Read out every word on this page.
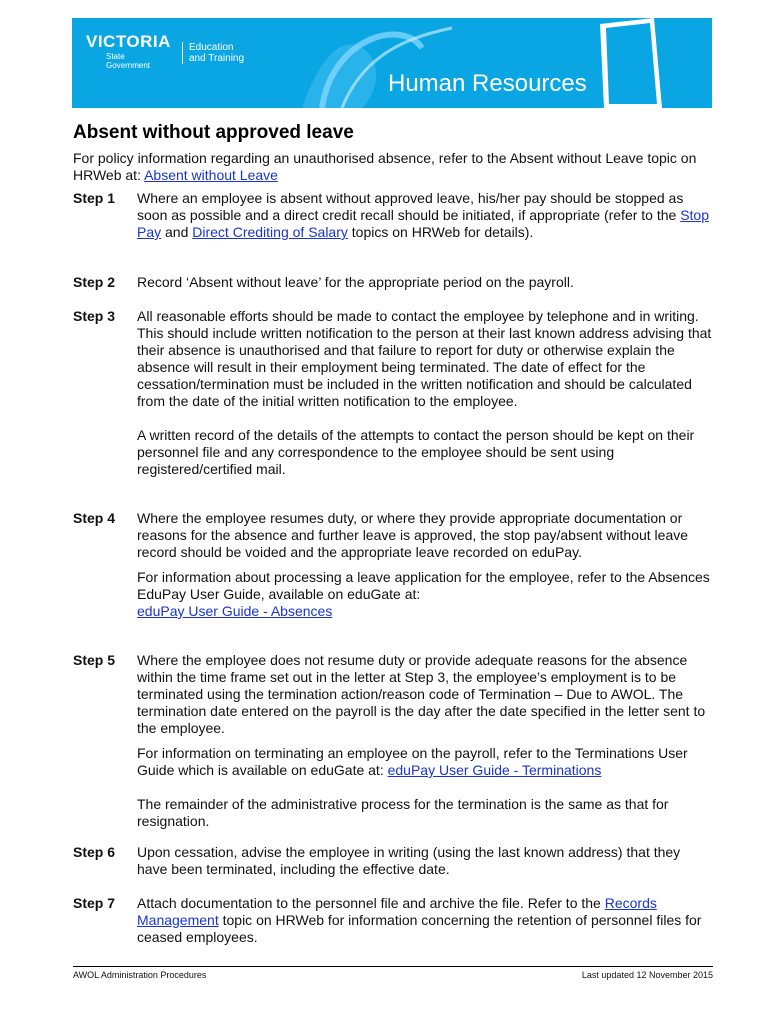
VICTORIA
State
Government
Education
and Training
Human Resources
Absent without approved leave
For policy information regarding an unauthorised absence, refer to the Absent without Leave topic on HRWeb at: Absent without Leave
Step 1 Where an employee is absent without approved leave, his/her pay should be stopped as soon as possible and a direct credit recall should be initiated, if appropriate (refer to the Stop Pay and Direct Crediting of Salary topics on HRWeb for details).

Step 2 Record ‘Absent without leave’ for the appropriate period on the payroll.

Step 3 All reasonable efforts should be made to contact the employee by telephone and in writing. This should include written notification to the person at their last known address advising that their absence is unauthorised and that failure to report for duty or otherwise explain the absence will result in their employment being terminated. The date of effect for the cessation/termination must be included in the written notification and should be calculated from the date of the initial written notification to the employee.

A written record of the details of the attempts to contact the person should be kept on their personnel file and any correspondence to the employee should be sent using registered/certified mail.

Step 4 Where the employee resumes duty, or where they provide appropriate documentation or reasons for the absence and further leave is approved, the stop pay/absent without leave record should be voided and the appropriate leave recorded on eduPay.

For information about processing a leave application for the employee, refer to the Absences EduPay User Guide, available on eduGate at:
eduPay User Guide - Absences

Step 5 Where the employee does not resume duty or provide adequate reasons for the absence within the time frame set out in the letter at Step 3, the employee’s employment is to be terminated using the termination action/reason code of Termination – Due to AWOL. The termination date entered on the payroll is the day after the date specified in the letter sent to the employee.

For information on terminating an employee on the payroll, refer to the Terminations User Guide which is available on eduGate at: eduPay User Guide - Terminations

The remainder of the administrative process for the termination is the same as that for resignation.

Step 6 Upon cessation, advise the employee in writing (using the last known address) that they have been terminated, including the effective date.

Step 7 Attach documentation to the personnel file and archive the file. Refer to the Records Management topic on HRWeb for information concerning the retention of personnel files for ceased employees.

AWOL Administration Procedures	Last updated 12 November 2015
